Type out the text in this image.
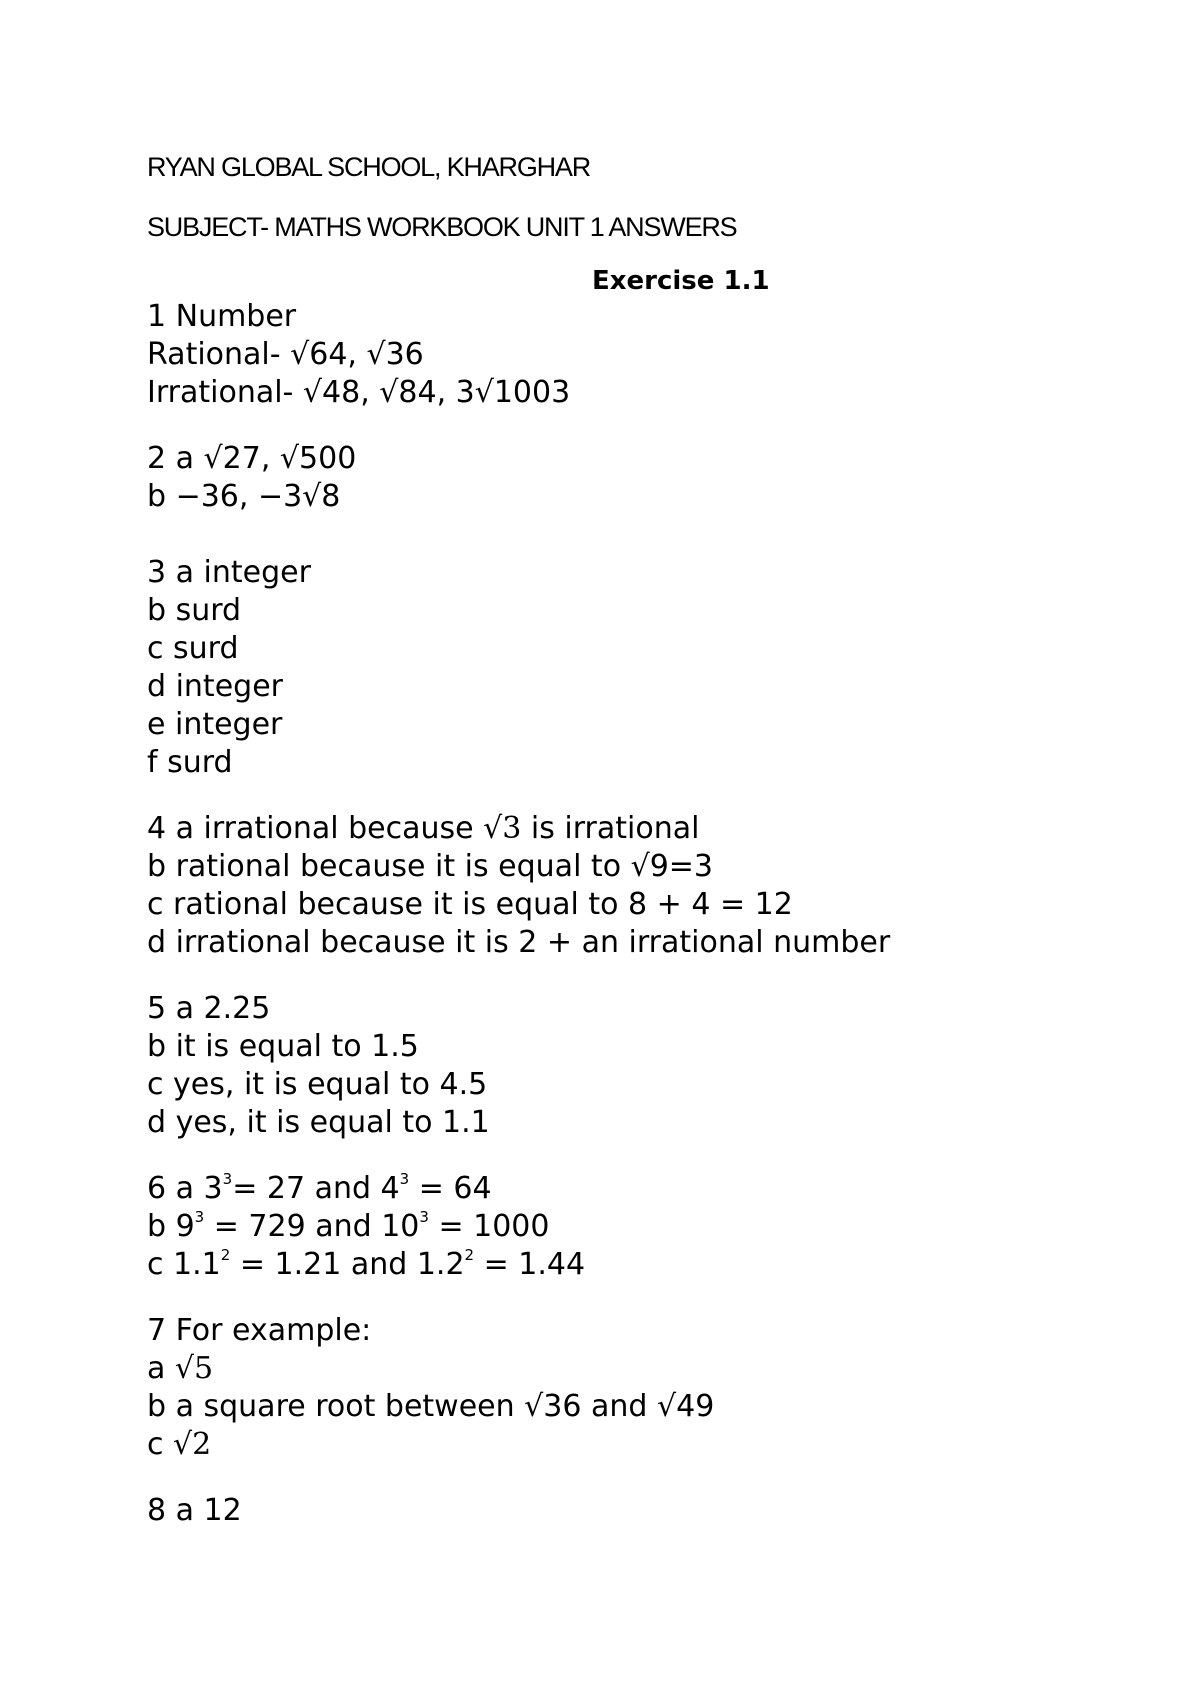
RYAN GLOBAL SCHOOL, KHARGHAR
SUBJECT- MATHS WORKBOOK UNIT 1 ANSWERS
Exercise 1.1
1 Number
Rational- √64, √36
Irrational- √48, √84, 3√1003
2 a √27, √500
b −36, −3√8
3 a integer
b surd
c surd
d integer
e integer
f surd
4 a irrational because √3 is irrational
b rational because it is equal to √9=3
c rational because it is equal to 8 + 4 = 12
d irrational because it is 2 + an irrational number
5 a 2.25
b it is equal to 1.5
c yes, it is equal to 4.5
d yes, it is equal to 1.1
6 a $3^3= 27$ and $4^3 = 64$
b $9^3 = 729$ and $10^3 = 1000$
c $1.1^2 = 1.21$ and $1.2^2 = 1.44$
7 For example:
a √5
b a square root between √36 and √49
c √2
8 a 12
